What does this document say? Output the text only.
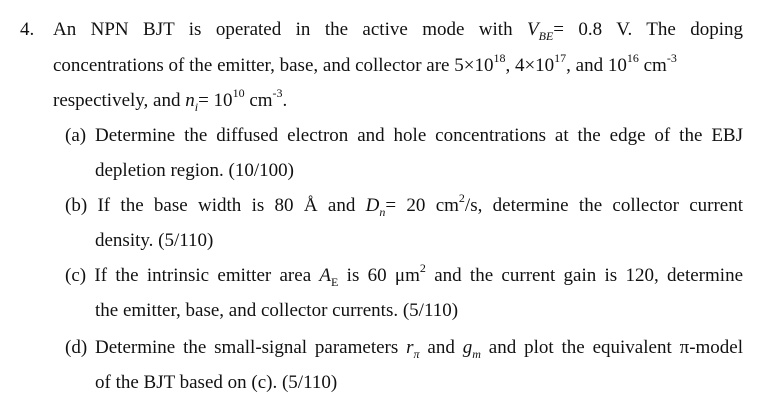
4. An NPN BJT is operated in the active mode with $V_{BE}= 0.8$ V. The doping
concentrations of the emitter, base, and collector are $5\times 10^{18}$, $4\times 10^{17}$, and $10^{16}$ $cm^{-3}$
respectively, and $n_i= 10^{10}$ $cm^{-3}$.
(a) Determine the diffused electron and hole concentrations at the edge of the EBJ
depletion region. (10/100)
(b) If the base width is 80 Å and $D_n= 20$ $cm^2/s$, determine the collector current
density. (5/110)
(c) If the intrinsic emitter area $A_E$ is 60 $\mu m^2$ and the current gain is 120, determine
the emitter, base, and collector currents. (5/110)
(d) Determine the small-signal parameters $r_\pi$ and $g_m$ and plot the equivalent π-model
of the BJT based on (c). (5/110)
